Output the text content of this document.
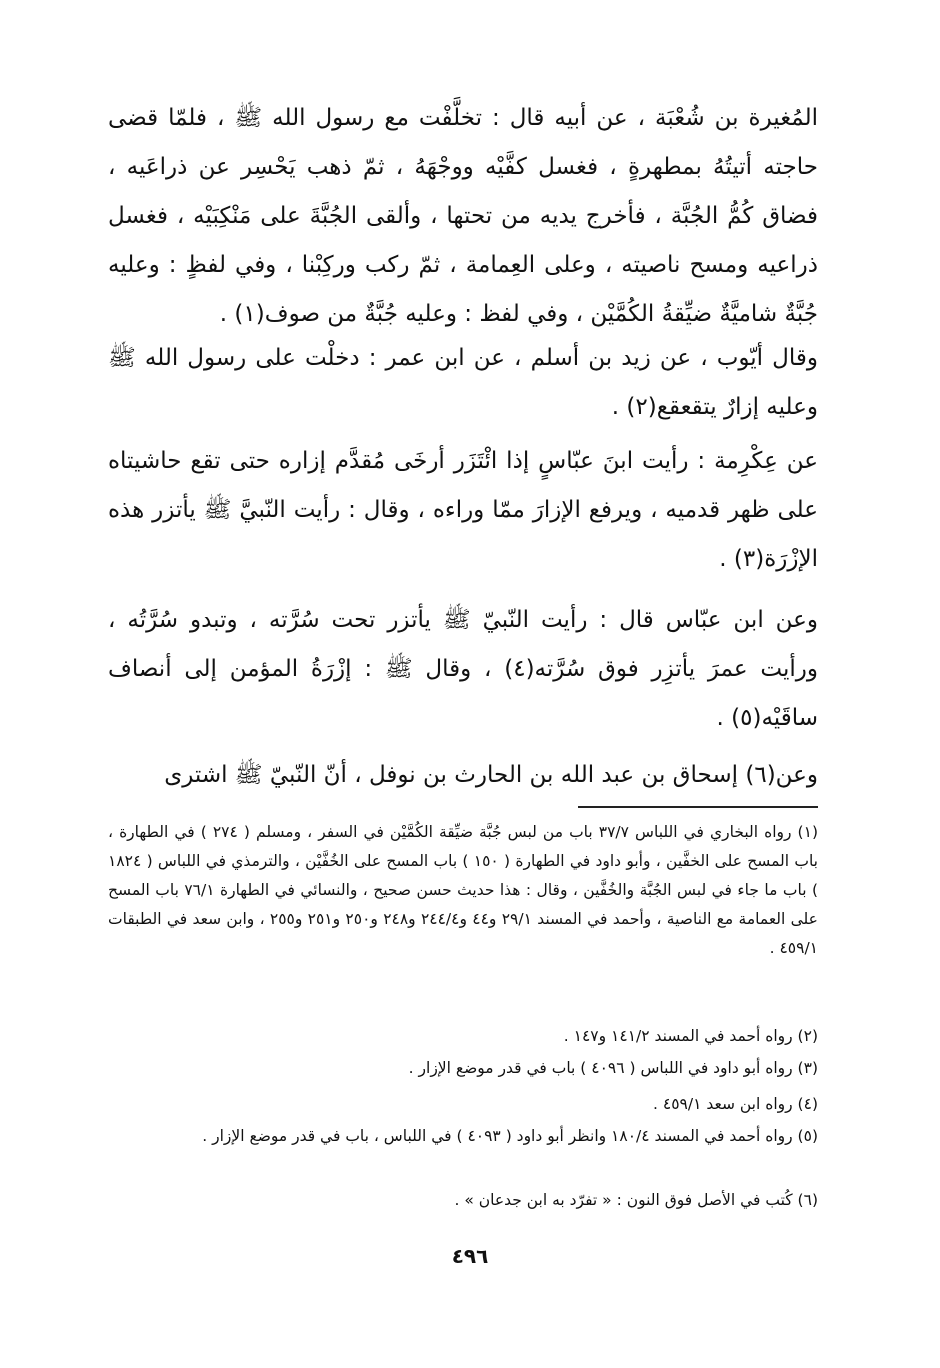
المُغيرة بن شُعْبَة ، عن أبيه قال : تخلَّفْت مع رسول الله ﷺ ، فلمّا قضى حاجته أتيتُهُ بمطهرةٍ ، فغسل كفَّيْه ووجْهَهُ ، ثمّ ذهب يَحْسِر عن ذراعَيه ، فضاق كُمُّ الجُبَّة ، فأخرج يديه من تحتها ، وألقى الجُبَّةَ على مَنْكِبَيْه ، فغسل ذراعيه ومسح ناصيته ، وعلى العِمامة ، ثمّ ركب وركِبْنا ، وفي لفظٍ : وعليه جُبَّةٌ شاميَّةٌ ضيِّقةُ الكُمَّيْن ، وفي لفظ : وعليه جُبَّةٌ من صوف(١) .

وقال أيّوب ، عن زيد بن أسلم ، عن ابن عمر : دخلْت على رسول الله ﷺ وعليه إزارٌ يتقعقع(٢) .

عن عِكْرِمة : رأيت ابنَ عبّاسٍ إذا ائْتَزَر أرخَى مُقدَّم إزاره حتى تقع حاشيتاه على ظهر قدميه ، ويرفع الإزارَ ممّا وراءه ، وقال : رأيت النّبيَّ ﷺ يأتزر هذه الإزْرَة(٣) .

وعن ابن عبّاس قال : رأيت النّبيّ ﷺ يأتزر تحت سُرَّته ، وتبدو سُرَّتُه ، ورأيت عمرَ يأتزِر فوق سُرَّته(٤) ، وقال ﷺ : إزْرَةُ المؤمن إلى أنصاف ساقَيْه(٥) .

وعن(٦) إسحاق بن عبد الله بن الحارث بن نوفل ، أنّ النّبيّ ﷺ اشترى

(١) رواه البخاري في اللباس ٣٧/٧ باب من لبس جُبَّة ضيِّقة الكُمَّيْن في السفر ، ومسلم ( ٢٧٤ ) في الطهارة ، باب المسح على الخفَّين ، وأبو داود في الطهارة ( ١٥٠ ) باب المسح على الخُفَّيْن ، والترمذي في اللباس ( ١٨٢٤ ) باب ما جاء في لبس الجُبَّة والخُفَّين ، وقال : هذا حديث حسن صحيح ، والنسائي في الطهارة ٧٦/١ باب المسح على العمامة مع الناصية ، وأحمد في المسند ٢٩/١ و٤٤ و٢٤٤/٤ و٢٤٨ و٢٥٠ و٢٥١ و٢٥٥ ، وابن سعد في الطبقات ٤٥٩/١ .

(٢) رواه أحمد في المسند ١٤١/٢ و١٤٧ .

(٣) رواه أبو داود في اللباس ( ٤٠٩٦ ) باب في قدر موضع الإزار .

(٤) رواه ابن سعد ٤٥٩/١ .

(٥) رواه أحمد في المسند ١٨٠/٤ وانظر أبو داود ( ٤٠٩٣ ) في اللباس ، باب في قدر موضع الإزار .

(٦) كُتب في الأصل فوق النون : « تفرّد به ابن جدعان » .

٤٩٦
